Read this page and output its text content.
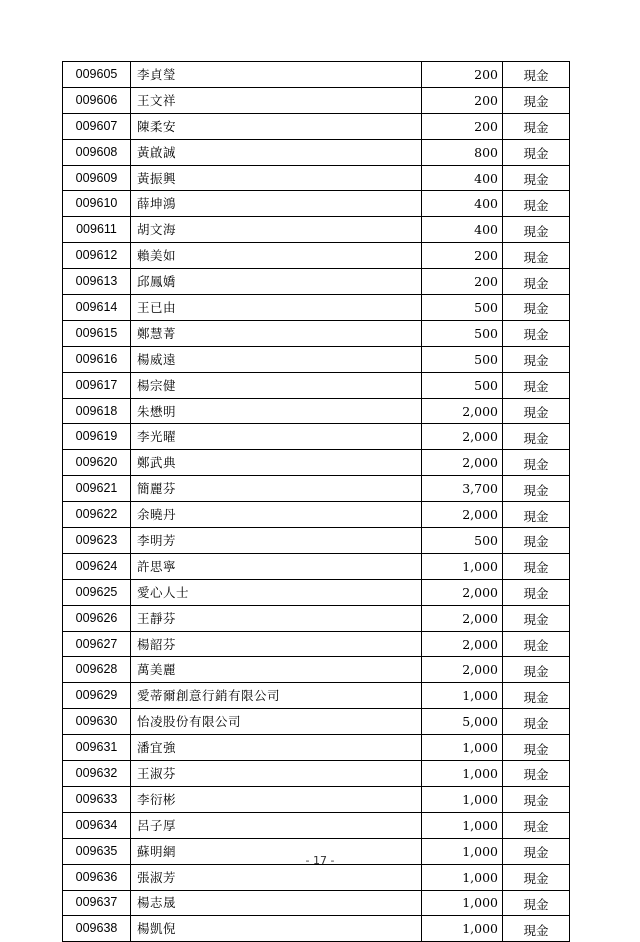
009605	李貞瑩	200	現金
009606	王文祥	200	現金
009607	陳柔安	200	現金
009608	黃啟誠	800	現金
009609	黃振興	400	現金
009610	薛坤鴻	400	現金
009611	胡文海	400	現金
009612	賴美如	200	現金
009613	邱鳳嬌	200	現金
009614	王已由	500	現金
009615	鄭慧菁	500	現金
009616	楊威遠	500	現金
009617	楊宗健	500	現金
009618	朱懋明	2,000	現金
009619	李光曜	2,000	現金
009620	鄭武典	2,000	現金
009621	簡麗芬	3,700	現金
009622	余曉丹	2,000	現金
009623	李明芳	500	現金
009624	許思寧	1,000	現金
009625	愛心人士	2,000	現金
009626	王靜芬	2,000	現金
009627	楊韶芬	2,000	現金
009628	萬美麗	2,000	現金
009629	愛蒂爾創意行銷有限公司	1,000	現金
009630	怡凌股份有限公司	5,000	現金
009631	潘宜強	1,000	現金
009632	王淑芬	1,000	現金
009633	李衍彬	1,000	現金
009634	呂子厚	1,000	現金
009635	蘇明網	1,000	現金
009636	張淑芳	1,000	現金
009637	楊志晟	1,000	現金
009638	楊凱倪	1,000	現金
- 17 -
